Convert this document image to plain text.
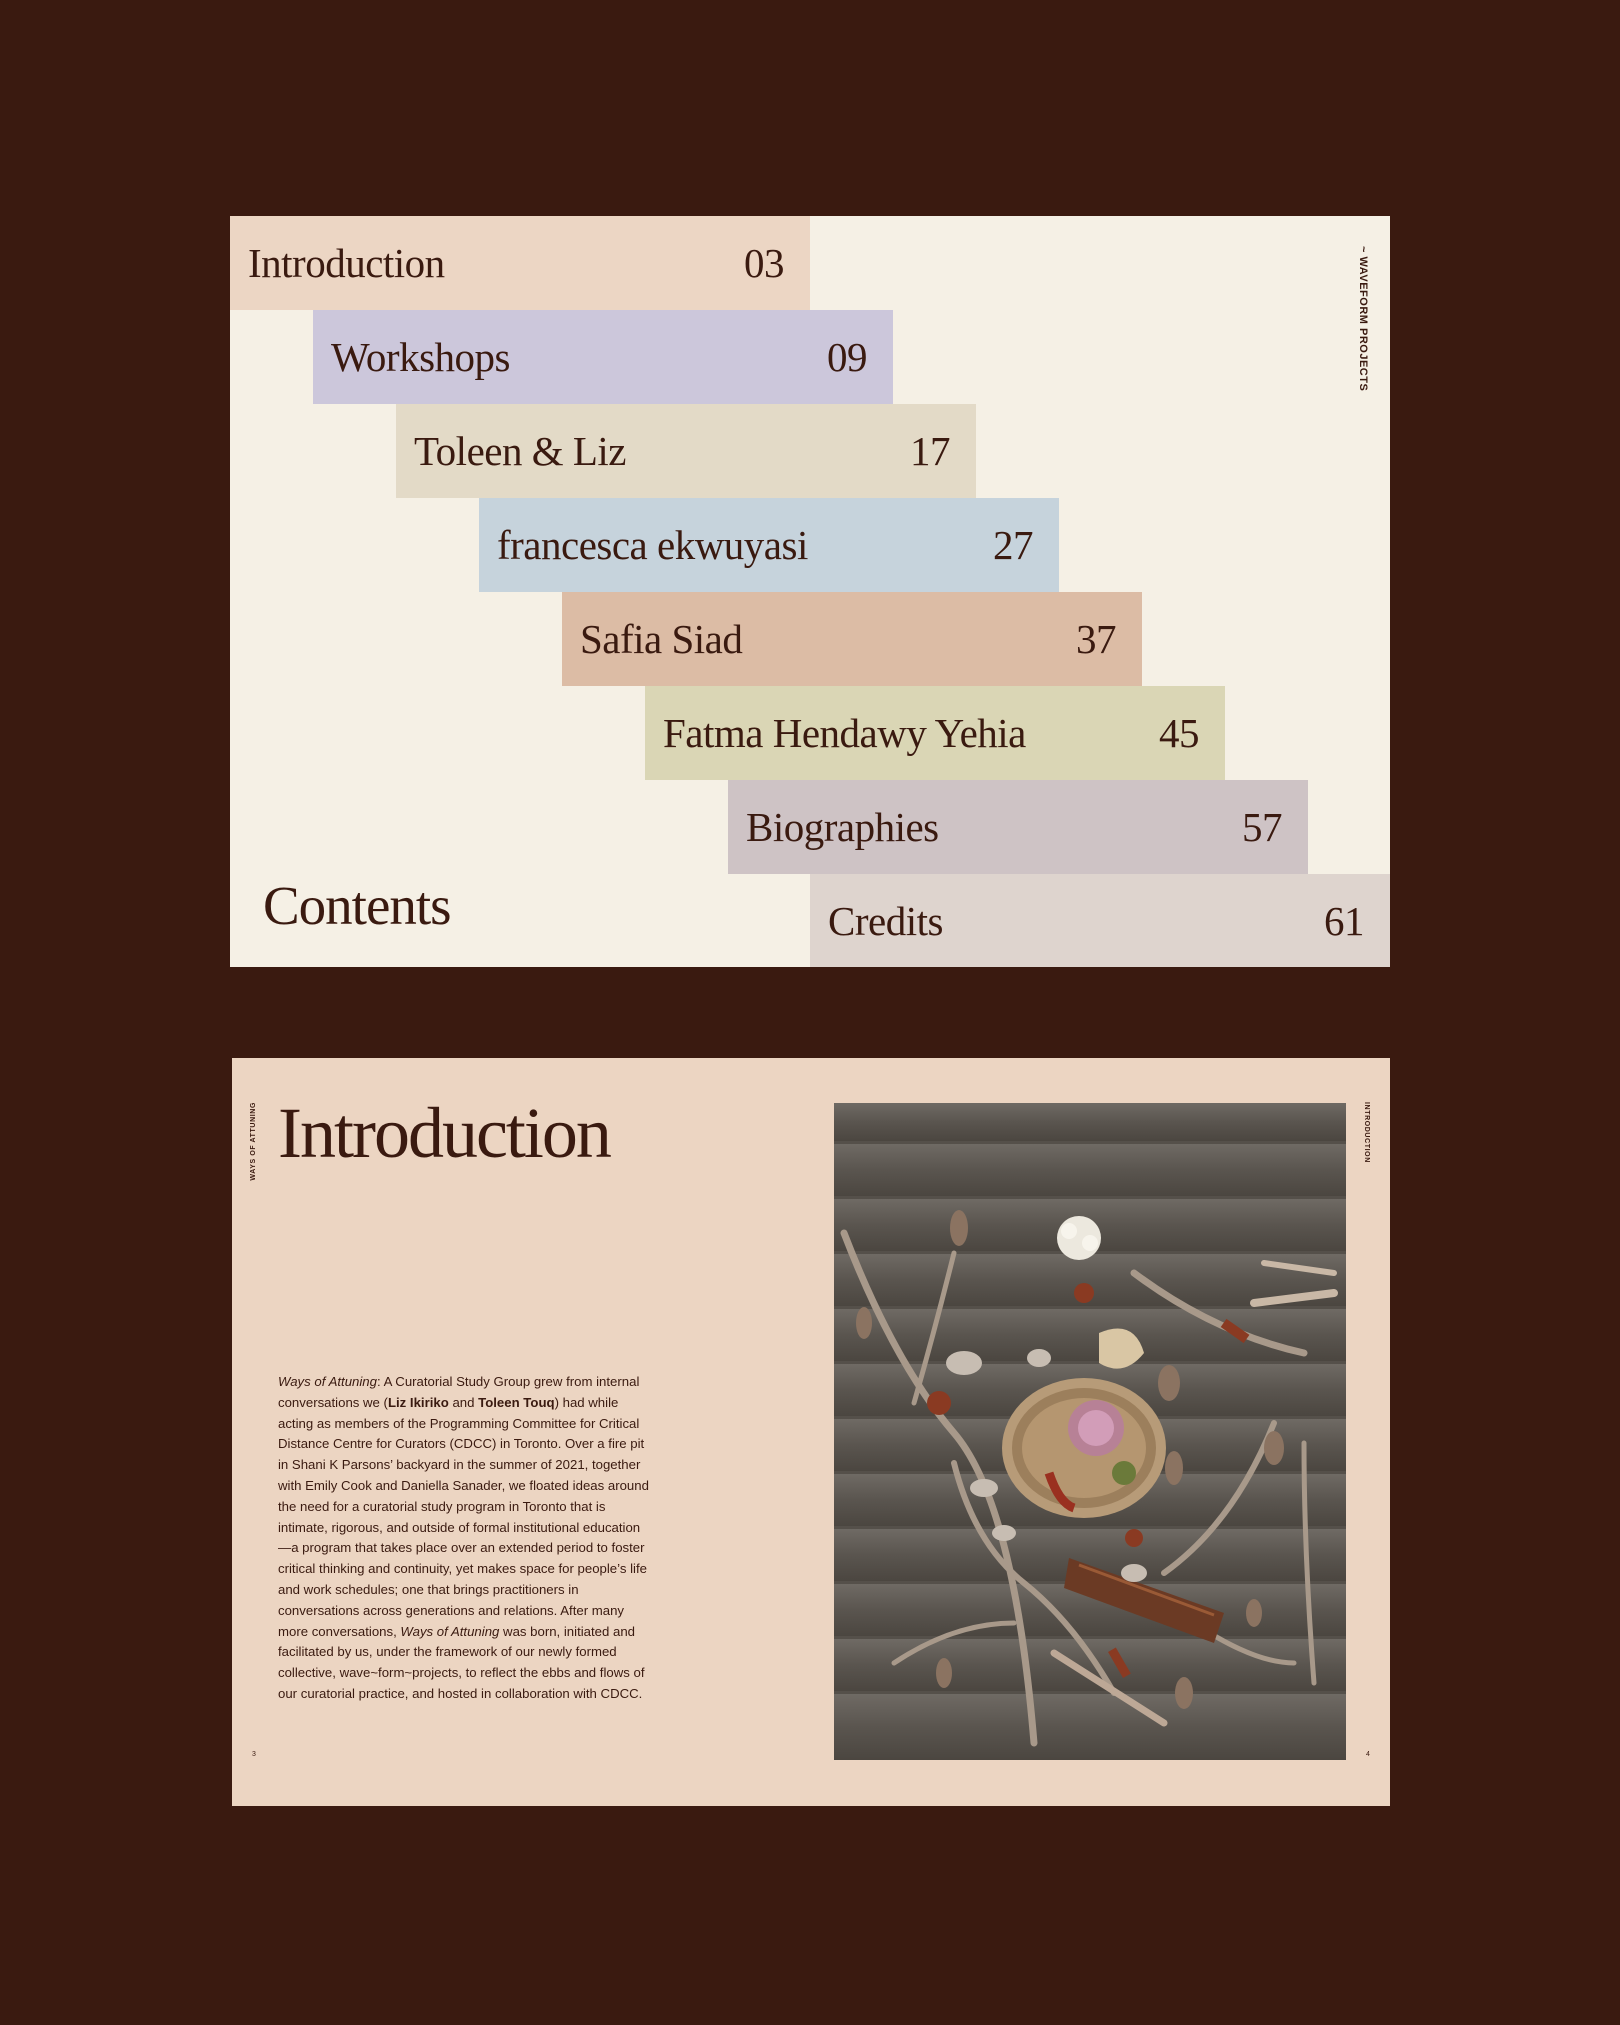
Introduction	03
Workshops	09
Toleen & Liz	17
francesca ekwuyasi	27
Safia Siad	37
Fatma Hendawy Yehia	45
Biographies	57
Credits	61
Contents
~ WAVEFORM PROJECTS
WAYS OF ATTUNING Introduction

Ways of Attuning: A Curatorial Study Group grew from internal conversations we (Liz Ikiriko and Toleen Touq) had while acting as members of the Programming Committee for Critical Distance Centre for Curators (CDCC) in Toronto. Over a fire pit in Shani K Parsons’ backyard in the summer of 2021, together with Emily Cook and Daniella Sanader, we floated ideas around the need for a curatorial study program in Toronto that is intimate, rigorous, and outside of formal institutional education—a program that takes place over an extended period to foster critical thinking and continuity, yet makes space for people’s life and work schedules; one that brings practitioners in conversations across generations and relations. After many more conversations, Ways of Attuning was born, initiated and facilitated by us, under the framework of our newly formed collective, wave~form~projects, to reflect the ebbs and flows of our curatorial practice, and hosted in collaboration with CDCC.

3
INTRODUCTION
4
